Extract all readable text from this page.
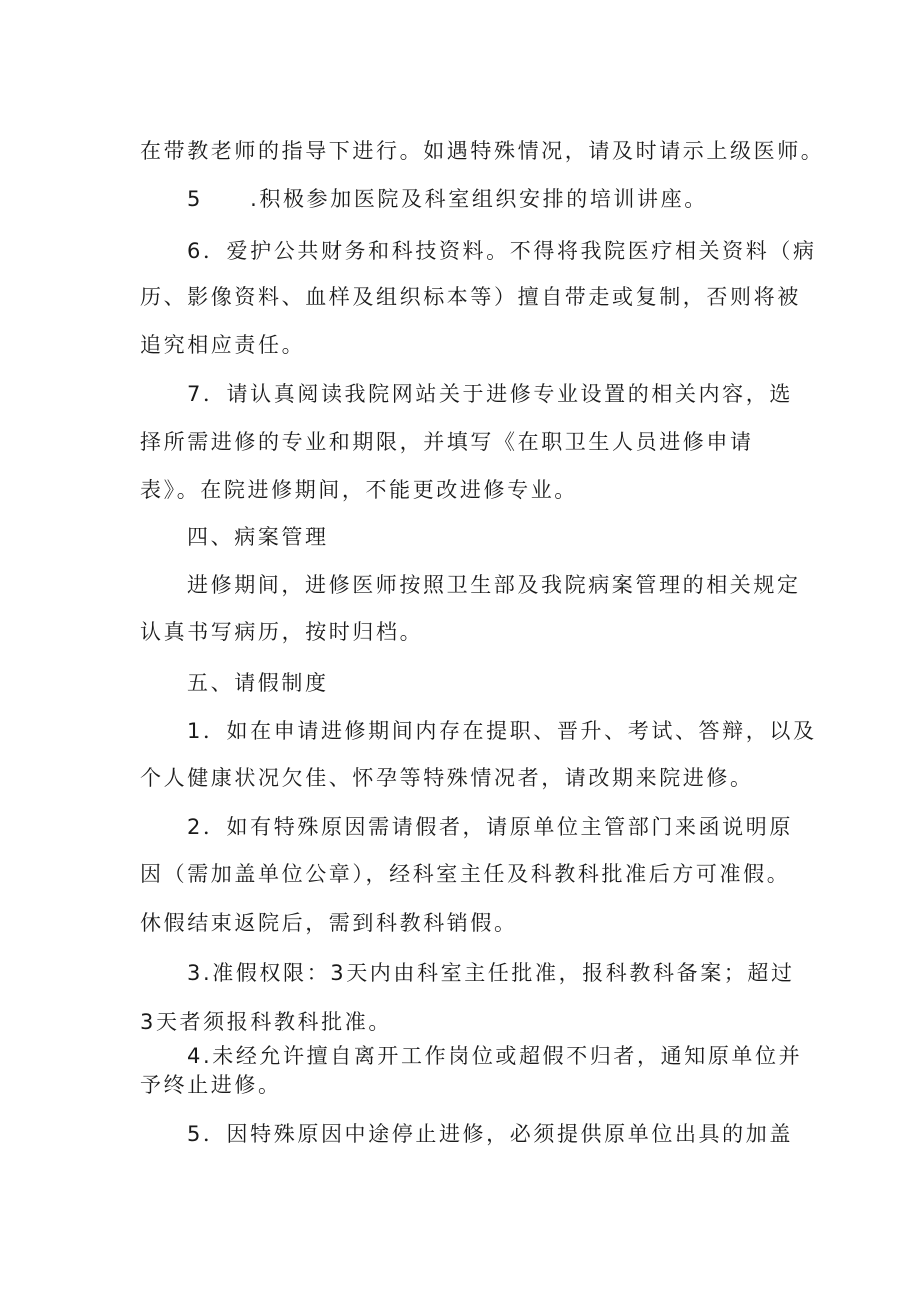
在带教老师的指导下进行。如遇特殊情况，请及时请示上级医师。
5　　.积极参加医院及科室组织安排的培训讲座。
6．爱护公共财务和科技资料。不得将我院医疗相关资料（病
历、影像资料、血样及组织标本等）擅自带走或复制，否则将被
追究相应责任。
7．请认真阅读我院网站关于进修专业设置的相关内容，选
择所需进修的专业和期限，并填写《在职卫生人员进修申请
表》。在院进修期间，不能更改进修专业。
四、病案管理
进修期间，进修医师按照卫生部及我院病案管理的相关规定
认真书写病历，按时归档。
五、请假制度
1．如在申请进修期间内存在提职、晋升、考试、答辩，以及
个人健康状况欠佳、怀孕等特殊情况者，请改期来院进修。
2．如有特殊原因需请假者，请原单位主管部门来函说明原
因（需加盖单位公章），经科室主任及科教科批准后方可准假。
休假结束返院后，需到科教科销假。
3.准假权限：3天内由科室主任批准，报科教科备案；超过
3天者须报科教科批准。
4.未经允许擅自离开工作岗位或超假不归者，通知原单位并
予终止进修。
5．因特殊原因中途停止进修，必须提供原单位出具的加盖
